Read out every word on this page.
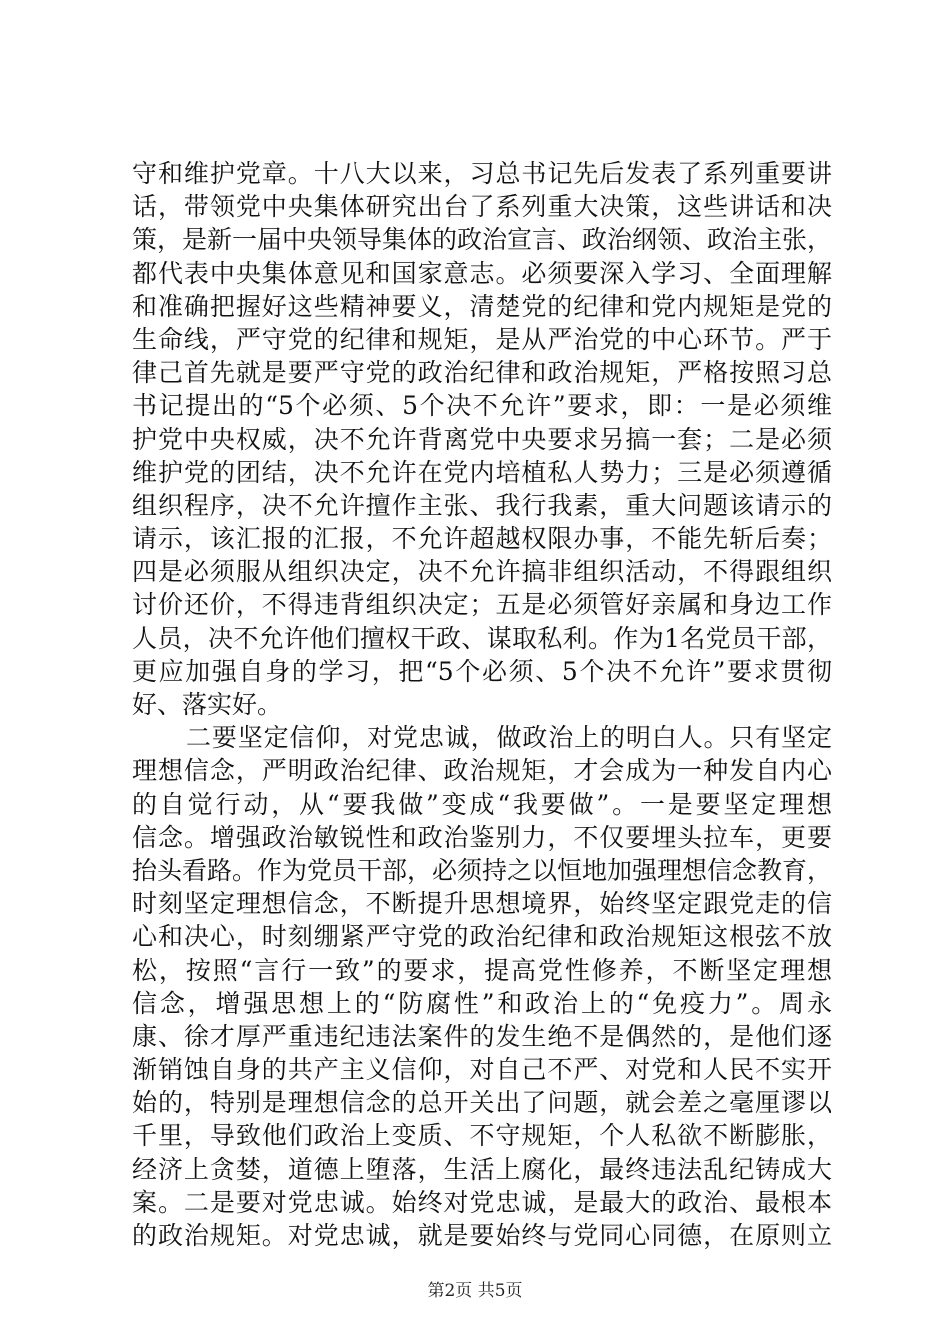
守和维护党章。十八大以来，习总书记先后发表了系列重要讲
话，带领党中央集体研究出台了系列重大决策，这些讲话和决
策，是新一届中央领导集体的政治宣言、政治纲领、政治主张，
都代表中央集体意见和国家意志。必须要深入学习、全面理解
和准确把握好这些精神要义，清楚党的纪律和党内规矩是党的
生命线，严守党的纪律和规矩，是从严治党的中心环节。严于
律己首先就是要严守党的政治纪律和政治规矩，严格按照习总
书记提出的“5个必须、5个决不允许”要求，即：一是必须维
护党中央权威，决不允许背离党中央要求另搞一套；二是必须
维护党的团结，决不允许在党内培植私人势力；三是必须遵循
组织程序，决不允许擅作主张、我行我素，重大问题该请示的
请示，该汇报的汇报，不允许超越权限办事，不能先斩后奏；
四是必须服从组织决定，决不允许搞非组织活动，不得跟组织
讨价还价，不得违背组织决定；五是必须管好亲属和身边工作
人员，决不允许他们擅权干政、谋取私利。作为1名党员干部，
更应加强自身的学习，把“5个必须、5个决不允许”要求贯彻
好、落实好。
二要坚定信仰，对党忠诚，做政治上的明白人。只有坚定
理想信念，严明政治纪律、政治规矩，才会成为一种发自内心
的自觉行动，从“要我做”变成“我要做”。一是要坚定理想
信念。增强政治敏锐性和政治鉴别力，不仅要埋头拉车，更要
抬头看路。作为党员干部，必须持之以恒地加强理想信念教育，
时刻坚定理想信念，不断提升思想境界，始终坚定跟党走的信
心和决心，时刻绷紧严守党的政治纪律和政治规矩这根弦不放
松，按照“言行一致”的要求，提高党性修养，不断坚定理想
信念，增强思想上的“防腐性”和政治上的“免疫力”。周永
康、徐才厚严重违纪违法案件的发生绝不是偶然的，是他们逐
渐销蚀自身的共产主义信仰，对自己不严、对党和人民不实开
始的，特别是理想信念的总开关出了问题，就会差之毫厘谬以
千里，导致他们政治上变质、不守规矩，个人私欲不断膨胀，
经济上贪婪，道德上堕落，生活上腐化，最终违法乱纪铸成大
案。二是要对党忠诚。始终对党忠诚，是最大的政治、最根本
的政治规矩。对党忠诚，就是要始终与党同心同德，在原则立
第2页 共5页
